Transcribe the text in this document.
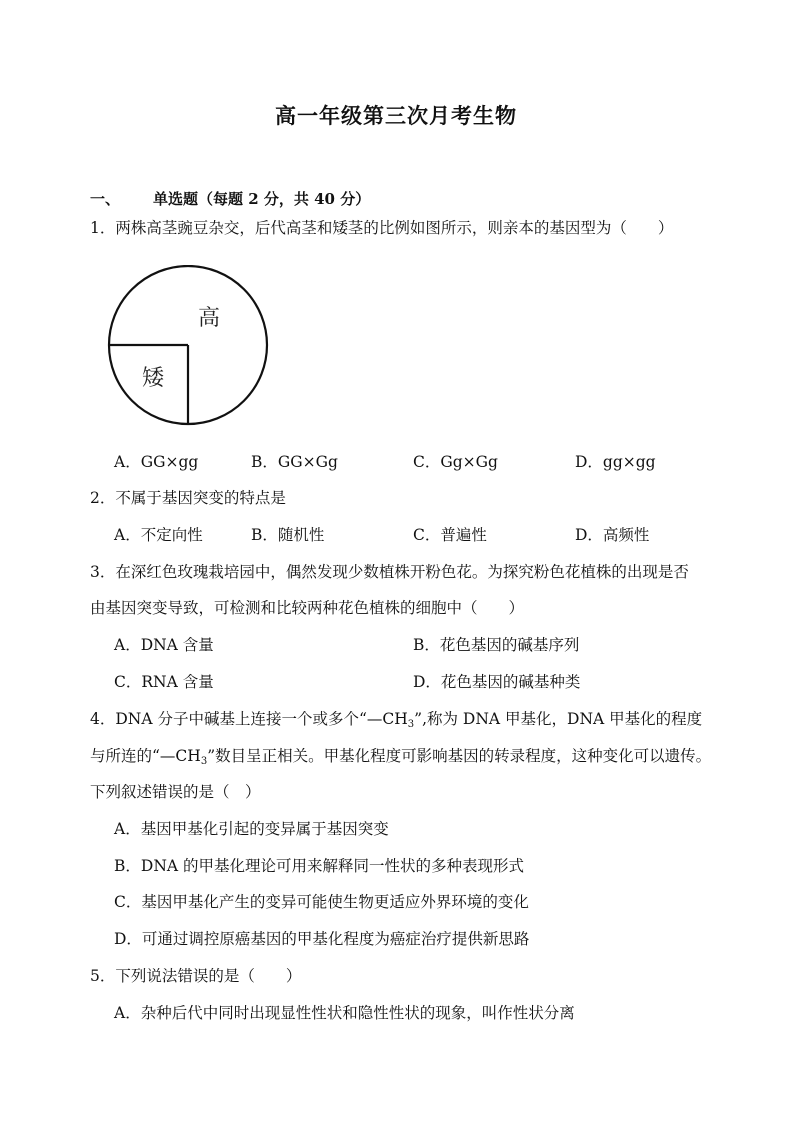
高一年级第三次月考生物
一、 单选题（每题 2 分，共 40 分）
1．两株高茎豌豆杂交，后代高茎和矮茎的比例如图所示，则亲本的基因型为（　　）
高
矮
A．GG×gg	B．GG×Gg	C．Gg×Gg	D．gg×gg
2．不属于基因突变的特点是
A．不定向性	B．随机性	C．普遍性	D．高频性
3．在深红色玫瑰栽培园中，偶然发现少数植株开粉色花。为探究粉色花植株的出现是否
由基因突变导致，可检测和比较两种花色植株的细胞中（　　）
A．DNA 含量	B．花色基因的碱基序列
C．RNA 含量	D．花色基因的碱基种类
4．DNA 分子中碱基上连接一个或多个“$—CH_3$”,称为 DNA 甲基化，DNA 甲基化的程度
与所连的“$—CH_3$”数目呈正相关。甲基化程度可影响基因的转录程度，这种变化可以遗传。
下列叙述错误的是（　）
A．基因甲基化引起的变异属于基因突变
B．DNA 的甲基化理论可用来解释同一性状的多种表现形式
C．基因甲基化产生的变异可能使生物更适应外界环境的变化
D．可通过调控原癌基因的甲基化程度为癌症治疗提供新思路
5．下列说法错误的是（　　）
A．杂种后代中同时出现显性性状和隐性性状的现象，叫作性状分离
